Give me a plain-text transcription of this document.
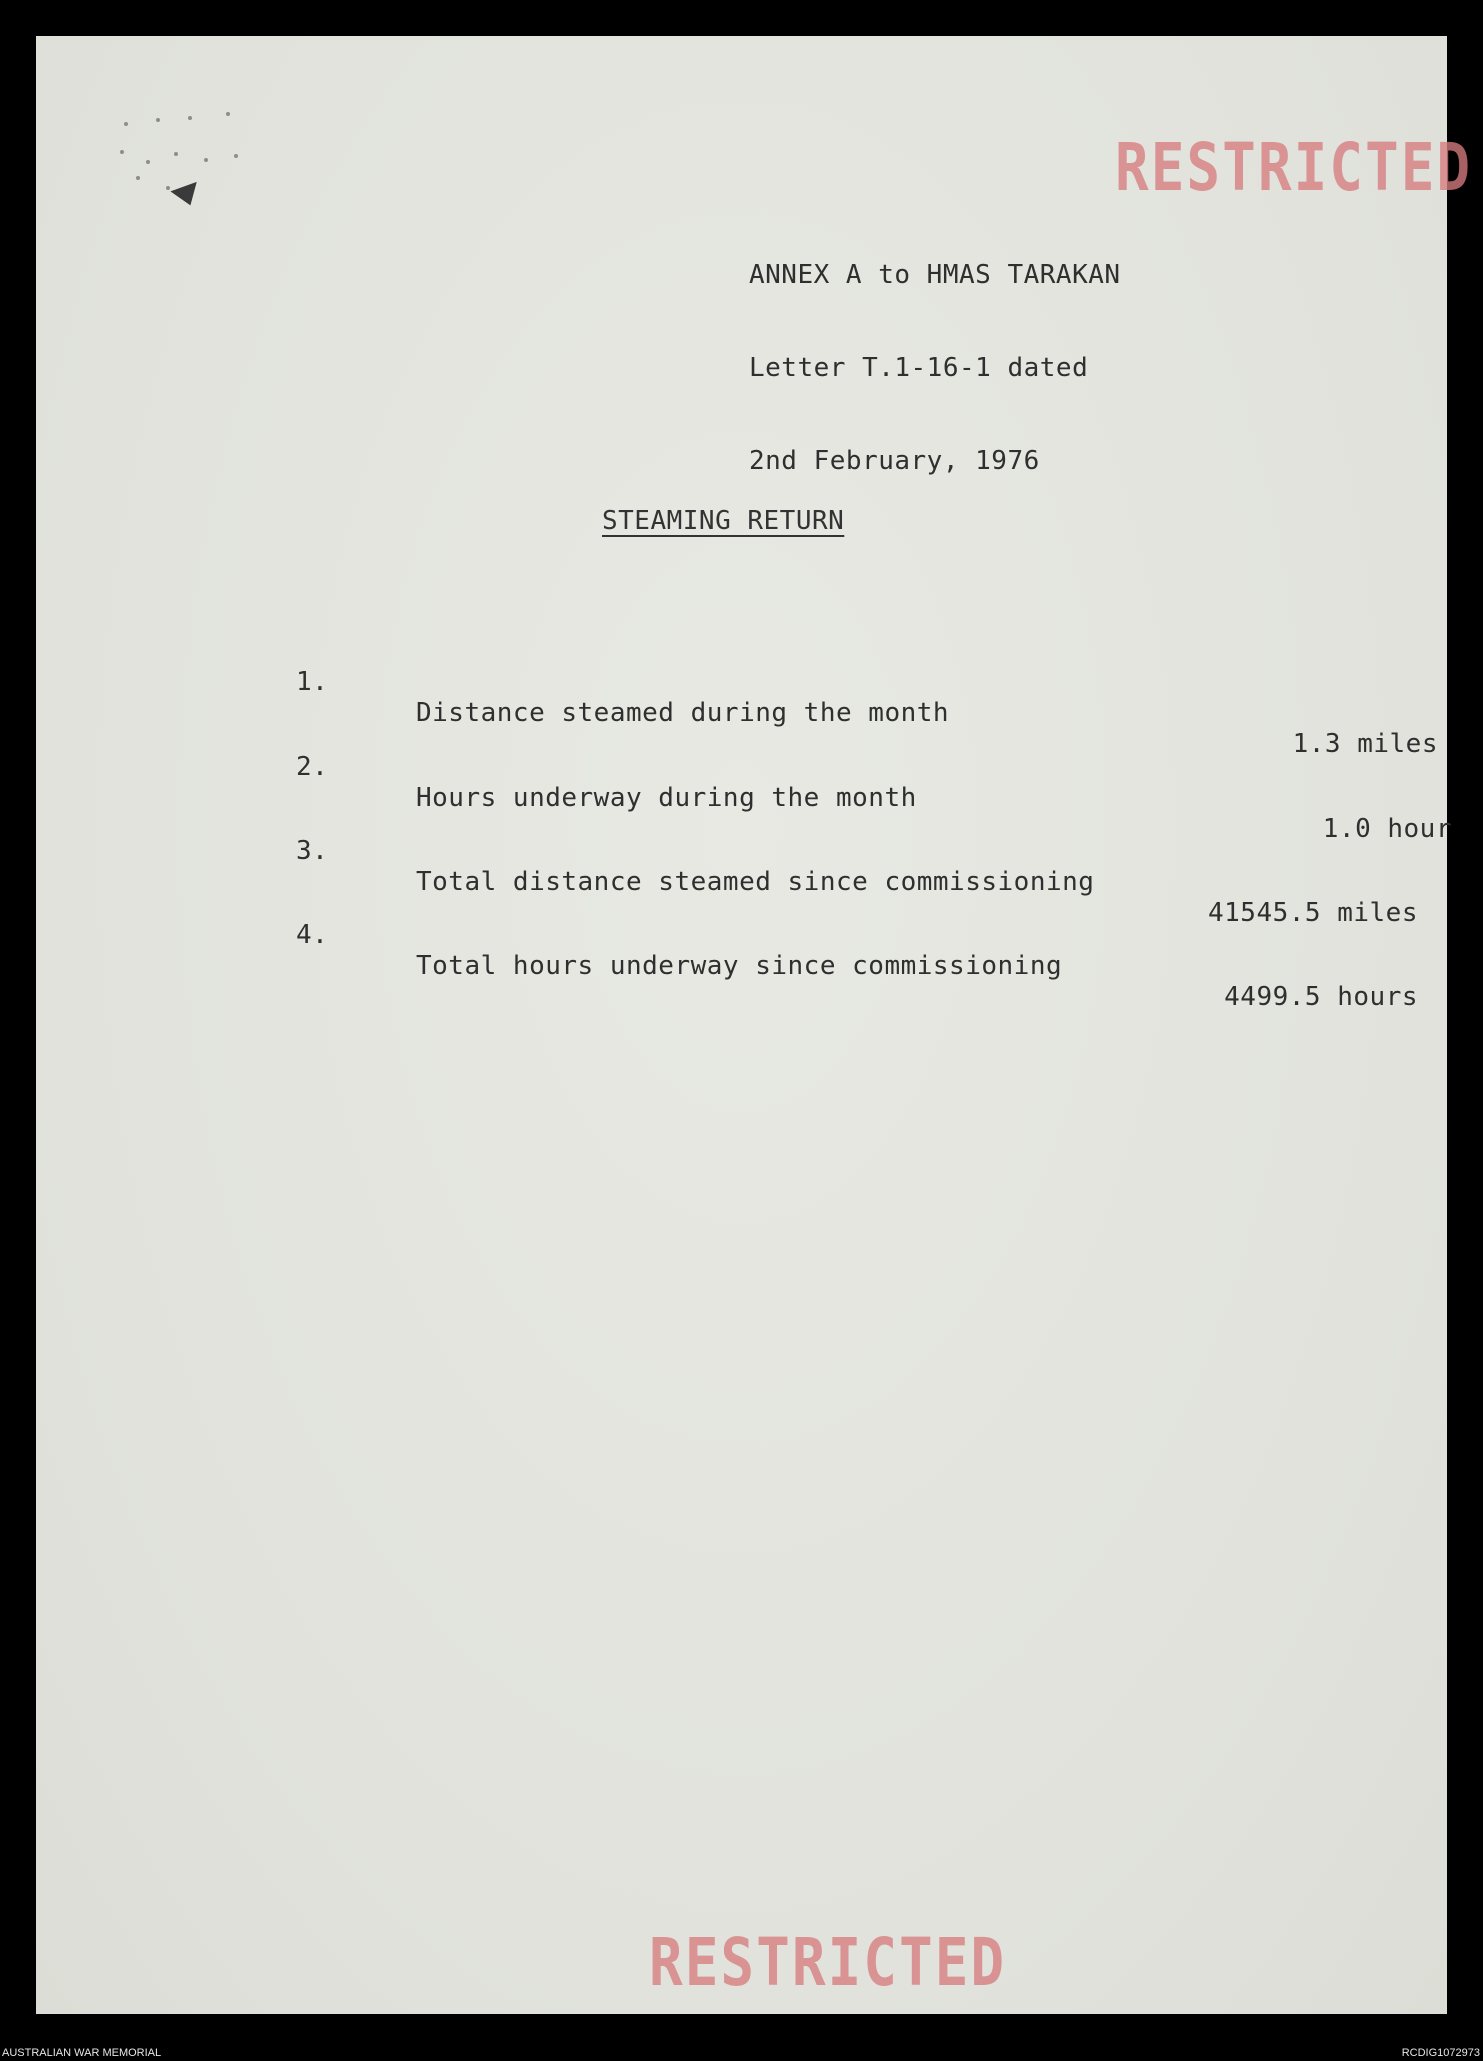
RESTRICTED

ANNEX A to HMAS TARAKAN

Letter T.1-16-1 dated

2nd February, 1976

STEAMING RETURN

1.

Distance steamed during the month

1.3 miles

2.

Hours underway during the month

1.0 hour

3.

Total distance steamed since commissioning

41545.5 miles

4.

Total hours underway since commissioning

4499.5 hours

RESTRICTED
AUSTRALIAN WAR MEMORIAL	RCDIG1072973
